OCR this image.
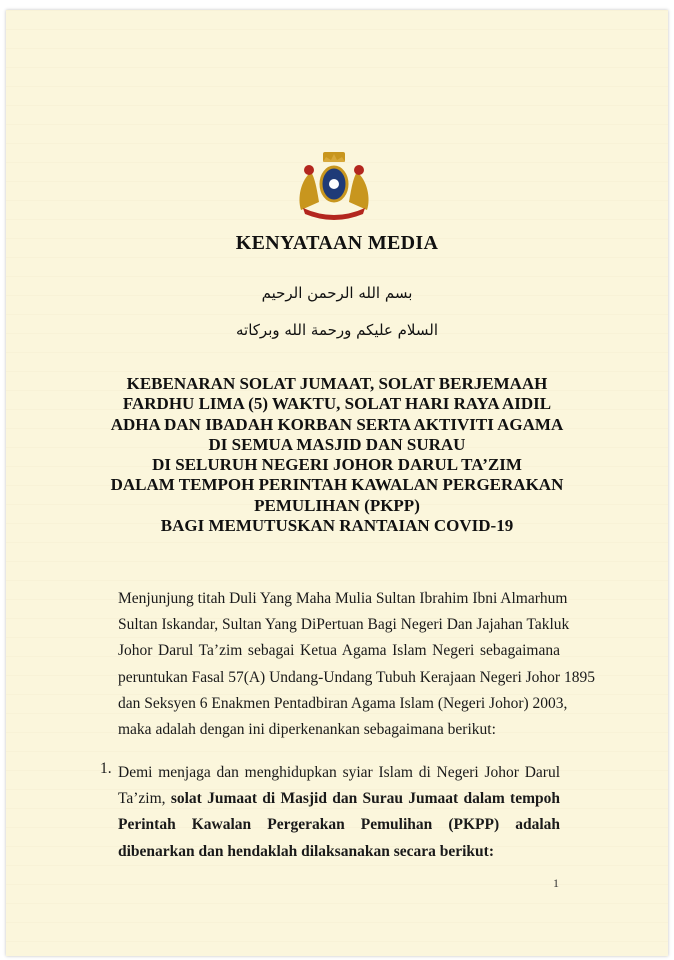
KENYATAAN MEDIA
بسم الله الرحمن الرحيم
السلام عليكم ورحمة الله وبركاته
KEBENARAN SOLAT JUMAAT, SOLAT BERJEMAAH
FARDHU LIMA (5) WAKTU, SOLAT HARI RAYA AIDIL
ADHA DAN IBADAH KORBAN SERTA AKTIVITI AGAMA
DI SEMUA MASJID DAN SURAU
DI SELURUH NEGERI JOHOR DARUL TA’ZIM
DALAM TEMPOH PERINTAH KAWALAN PERGERAKAN
PEMULIHAN (PKPP)
BAGI MEMUTUSKAN RANTAIAN COVID-19
Menjunjung titah Duli Yang Maha Mulia Sultan Ibrahim Ibni Almarhum
Sultan Iskandar, Sultan Yang DiPertuan Bagi Negeri Dan Jajahan Takluk
Johor Darul Ta’zim sebagai Ketua Agama Islam Negeri sebagaimana
peruntukan Fasal 57(A) Undang-Undang Tubuh Kerajaan Negeri Johor 1895
dan Seksyen 6 Enakmen Pentadbiran Agama Islam (Negeri Johor) 2003,
maka adalah dengan ini diperkenankan sebagaimana berikut:
1. Demi menjaga dan menghidupkan syiar Islam di Negeri Johor Darul
Ta’zim, solat Jumaat di Masjid dan Surau Jumaat dalam tempoh
Perintah Kawalan Pergerakan Pemulihan (PKPP) adalah
dibenarkan dan hendaklah dilaksanakan secara berikut:
1
